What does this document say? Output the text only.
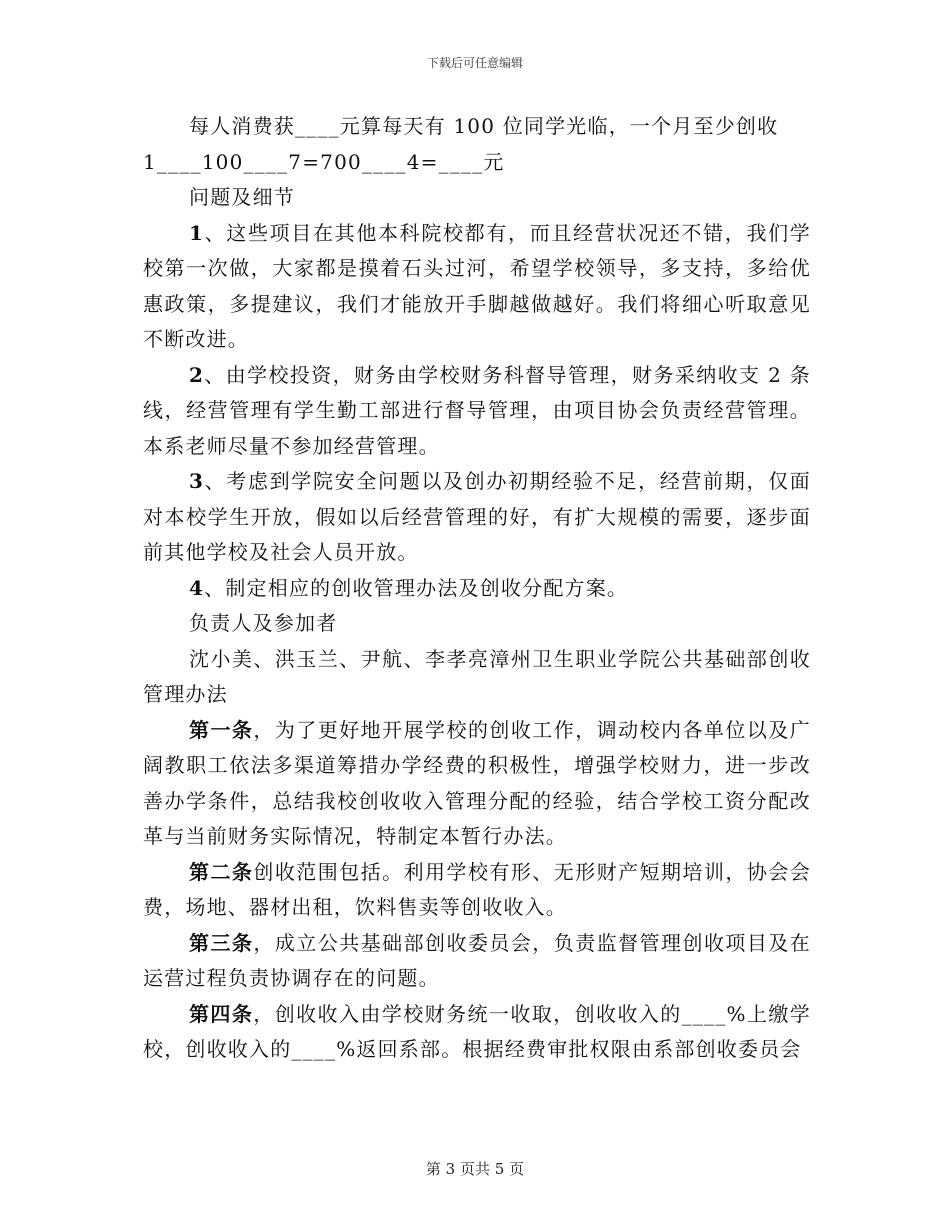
下载后可任意编辑

每人消费获____元算每天有 100 位同学光临，一个月至少创收

1____100____7=700____4=____元

问题及细节

1、这些项目在其他本科院校都有，而且经营状况还不错，我们学校第一次做，大家都是摸着石头过河，希望学校领导，多支持，多给优惠政策，多提建议，我们才能放开手脚越做越好。我们将细心听取意见不断改进。

2、由学校投资，财务由学校财务科督导管理，财务采纳收支 2 条线，经营管理有学生勤工部进行督导管理，由项目协会负责经营管理。本系老师尽量不参加经营管理。

3、考虑到学院安全问题以及创办初期经验不足，经营前期，仅面对本校学生开放，假如以后经营管理的好，有扩大规模的需要，逐步面前其他学校及社会人员开放。

4、制定相应的创收管理办法及创收分配方案。

负责人及参加者

沈小美、洪玉兰、尹航、李孝亮漳州卫生职业学院公共基础部创收管理办法

第一条，为了更好地开展学校的创收工作，调动校内各单位以及广阔教职工依法多渠道筹措办学经费的积极性，增强学校财力，进一步改善办学条件，总结我校创收收入管理分配的经验，结合学校工资分配改革与当前财务实际情况，特制定本暂行办法。

第二条创收范围包括。利用学校有形、无形财产短期培训，协会会费，场地、器材出租，饮料售卖等创收收入。

第三条，成立公共基础部创收委员会，负责监督管理创收项目及在运营过程负责协调存在的问题。

第四条，创收收入由学校财务统一收取，创收收入的____%上缴学校，创收收入的____%返回系部。根据经费审批权限由系部创收委员会

第 3 页共 5 页
